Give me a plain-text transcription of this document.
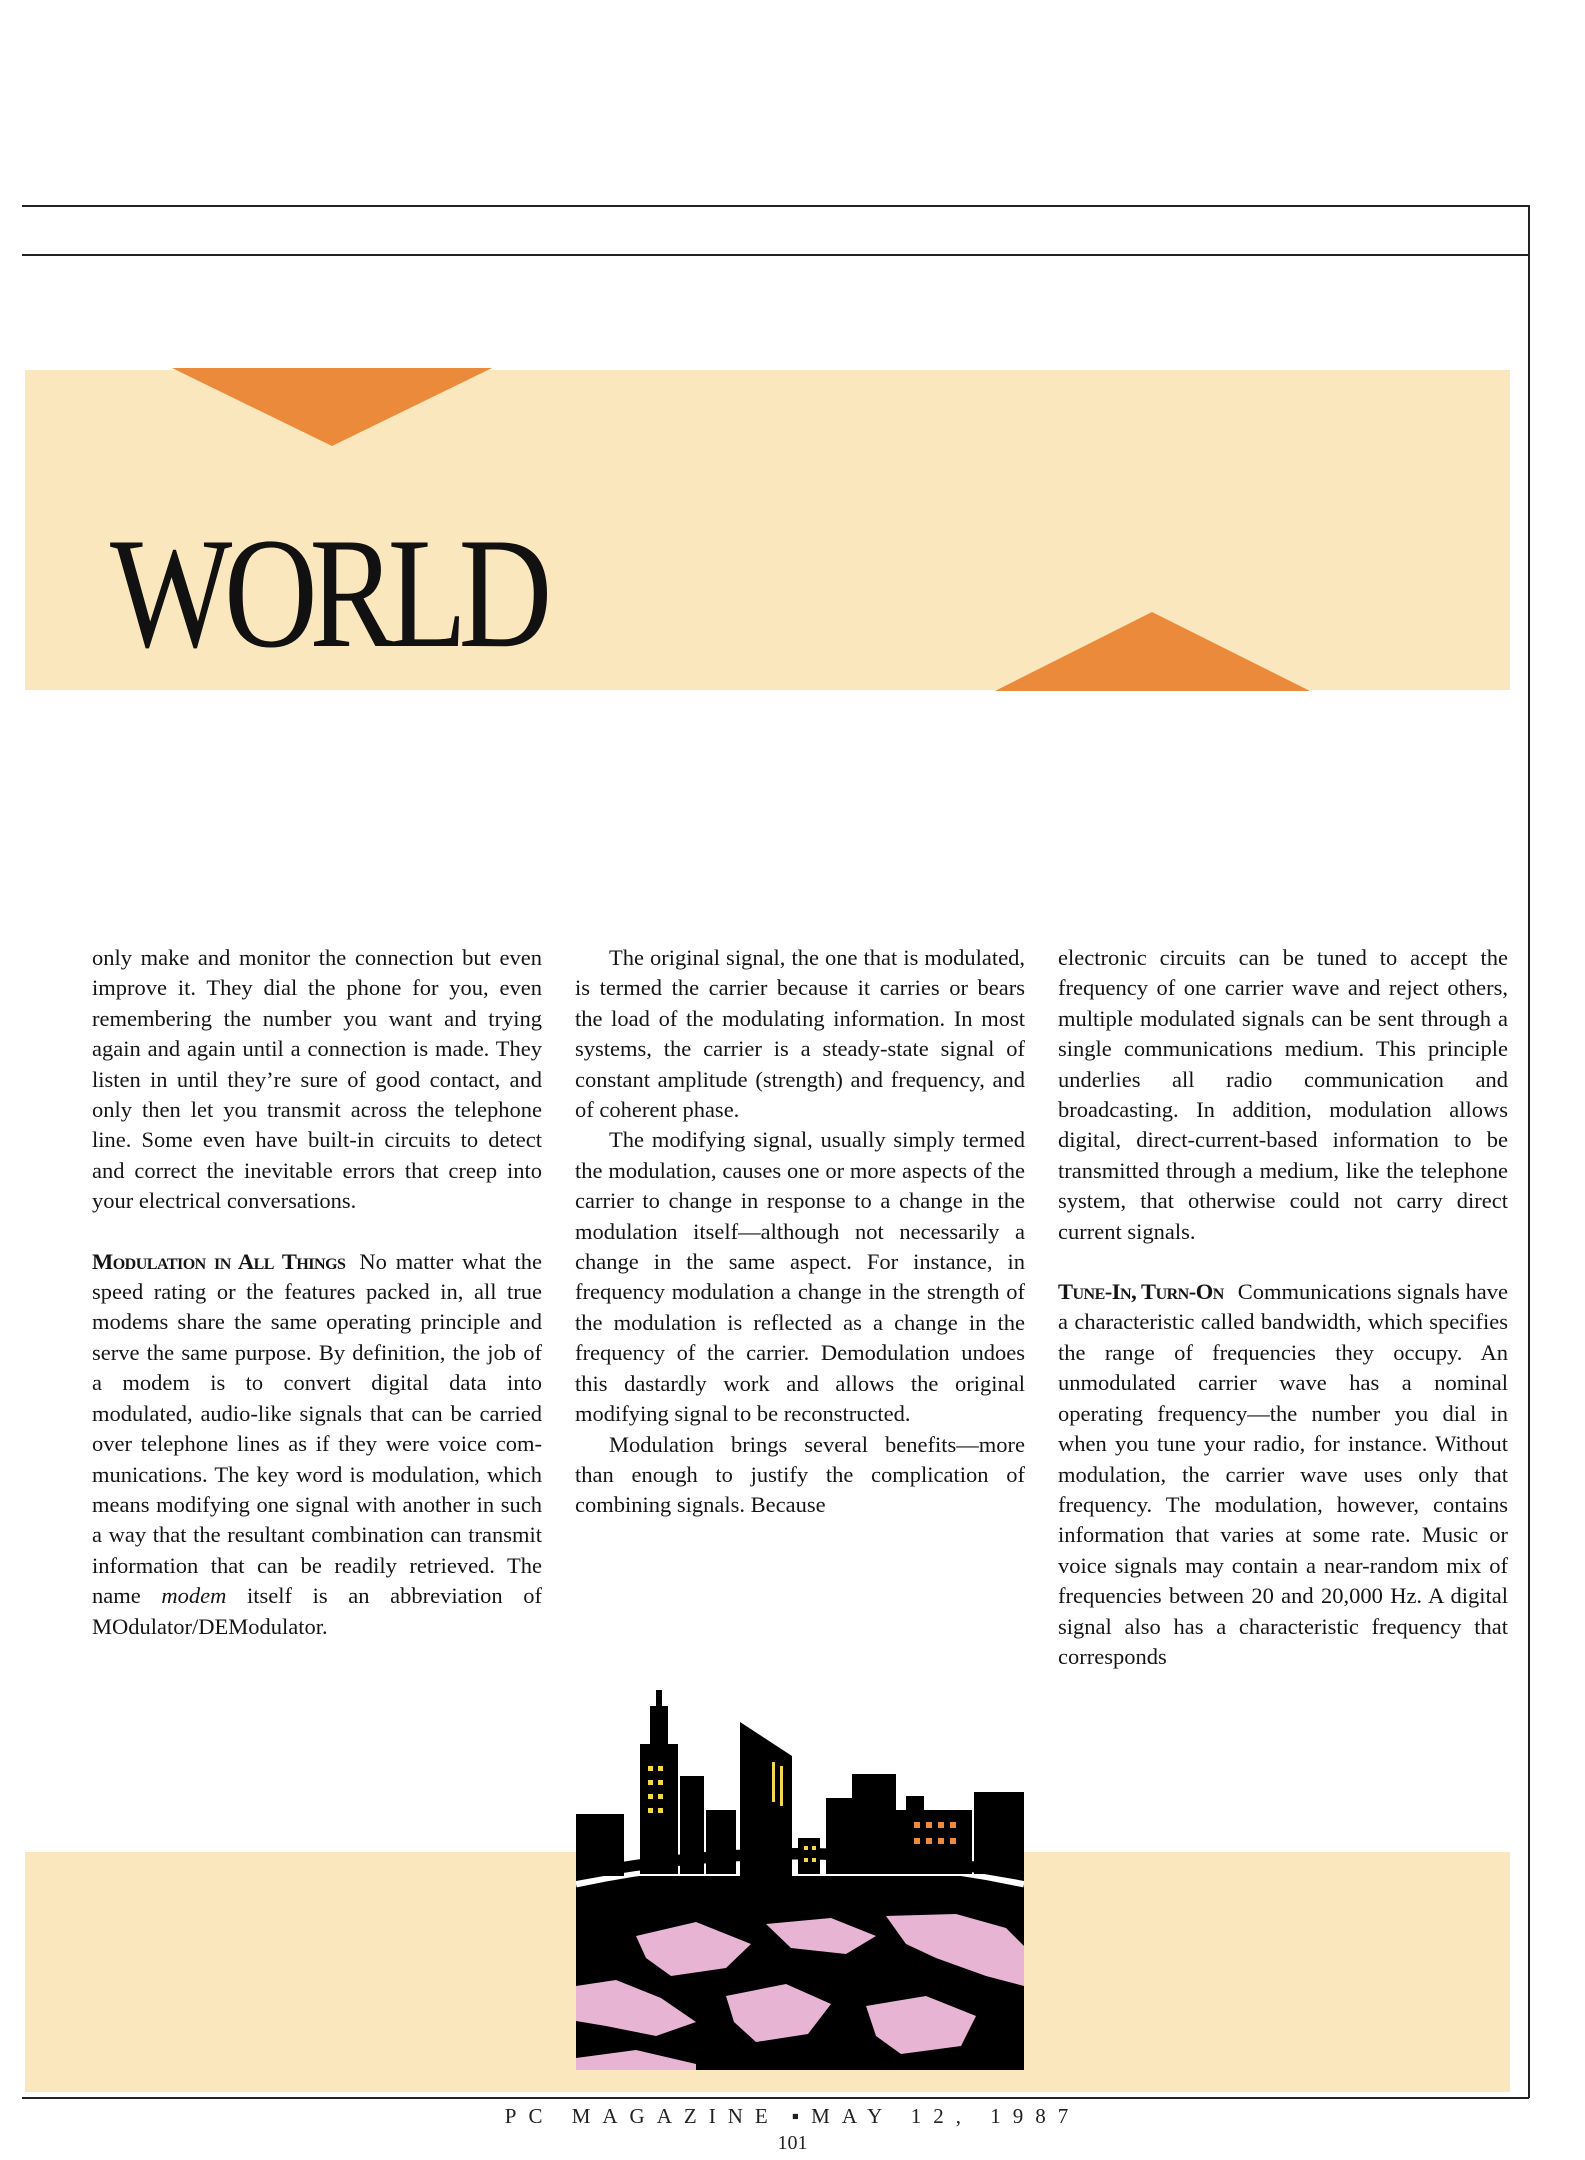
WORLD

only make and monitor the connection but even improve it. They dial the phone for you, even remembering the number you want and trying again and again until a connection is made. They listen in until they’re sure of good contact, and only then let you transmit across the telephone line. Some even have built-in circuits to detect and correct the inevitable errors that creep into your electrical conversations.

Modulation in All Things No matter what the speed rating or the features packed in, all true modems share the same operating principle and serve the same purpose. By definition, the job of a modem is to convert digital data into modulated, audio-like signals that can be carried over telephone lines as if they were voice communications. The key word is modulation, which means modifying one signal with another in such a way that the resultant combination can transmit information that can be readily retrieved. The name modem itself is an abbreviation of MOdulator/DEModulator.

The original signal, the one that is modulated, is termed the carrier because it carries or bears the load of the modulating information. In most systems, the carrier is a steady-state signal of constant amplitude (strength) and frequency, and of coherent phase.

The modifying signal, usually simply termed the modulation, causes one or more aspects of the carrier to change in response to a change in the modulation itself—although not necessarily a change in the same aspect. For instance, in frequency modulation a change in the strength of the modulation is reflected as a change in the frequency of the carrier. Demodulation undoes this dastardly work and allows the original modifying signal to be reconstructed.

Modulation brings several benefits—more than enough to justify the complication of combining signals. Because

electronic circuits can be tuned to accept the frequency of one carrier wave and reject others, multiple modulated signals can be sent through a single communications medium. This principle underlies all radio communication and broadcasting. In addition, modulation allows digital, direct-current-based information to be transmitted through a medium, like the telephone system, that otherwise could not carry direct current signals.

Tune-In, Turn-On Communications signals have a characteristic called bandwidth, which specifies the range of frequencies they occupy. An unmodulated carrier wave has a nominal operating frequency—the number you dial in when you tune your radio, for instance. Without modulation, the carrier wave uses only that frequency. The modulation, however, contains information that varies at some rate. Music or voice signals may contain a near-random mix of frequencies between 20 and 20,000 Hz. A digital signal also has a characteristic frequency that corresponds

PC MAGAZINE ▪ MAY 12, 1987
101
